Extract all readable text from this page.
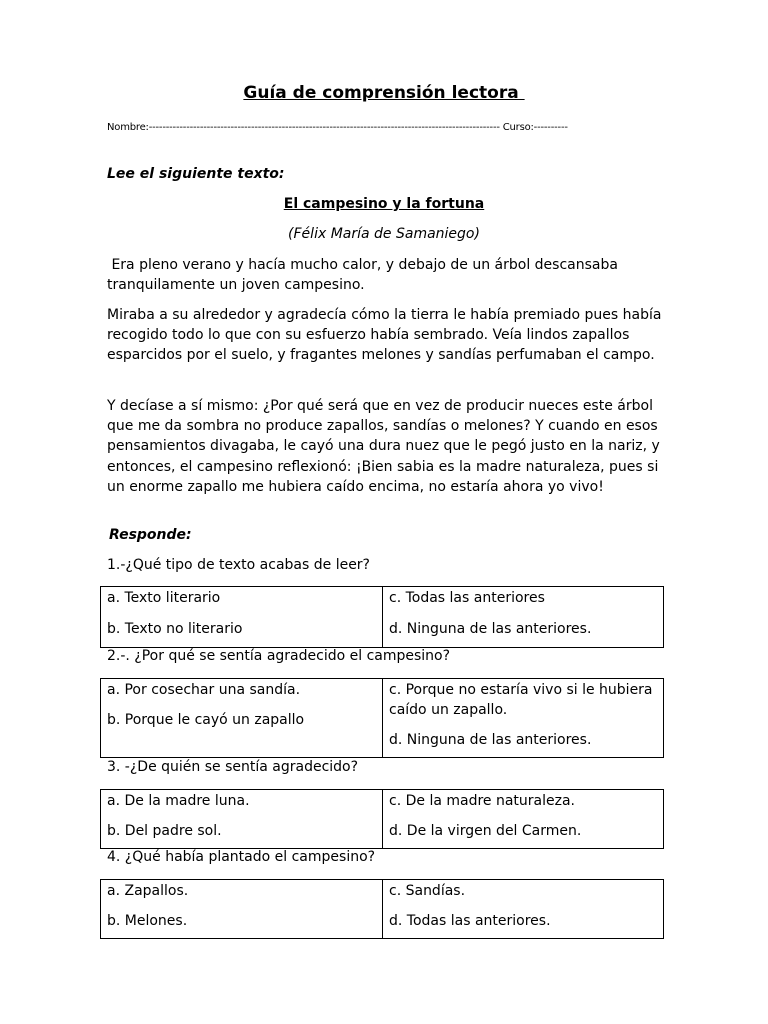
Guía de comprensión lectora
Nombre:------------------------------------------------------------------------------------------------------- Curso:----------
Lee el siguiente texto:
El campesino y la fortuna
(Félix María de Samaniego)
Era pleno verano y hacía mucho calor, y debajo de un árbol descansaba tranquilamente un joven campesino.
Miraba a su alrededor y agradecía cómo la tierra le había premiado pues había recogido todo lo que con su esfuerzo había sembrado. Veía lindos zapallos esparcidos por el suelo, y fragantes melones y sandías perfumaban el campo.
Y decíase a sí mismo: ¿Por qué será que en vez de producir nueces este árbol que me da sombra no produce zapallos, sandías o melones? Y cuando en esos pensamientos divagaba, le cayó una dura nuez que le pegó justo en la nariz, y entonces, el campesino reflexionó: ¡Bien sabia es la madre naturaleza, pues si un enorme zapallo me hubiera caído encima, no estaría ahora yo vivo!
Responde:
1.-¿Qué tipo de texto acabas de leer?
a. Texto literario
b. Texto no literario

c. Todas las anteriores
d. Ninguna de las anteriores.
2.-. ¿Por qué se sentía agradecido el campesino?
a. Por cosechar una sandía.
b. Porque le cayó un zapallo

c. Porque no estaría vivo si le hubiera caído un zapallo.
d. Ninguna de las anteriores.
3. -¿De quién se sentía agradecido?
a. De la madre luna.
b. Del padre sol.

c. De la madre naturaleza.
d. De la virgen del Carmen.
4. ¿Qué había plantado el campesino?
a. Zapallos.
b. Melones.

c. Sandías.
d. Todas las anteriores.
